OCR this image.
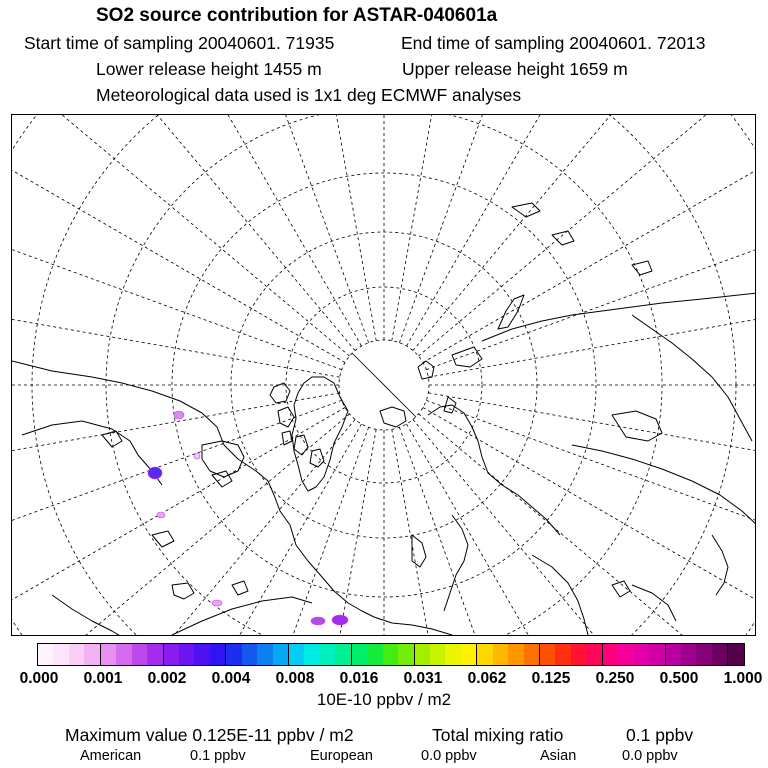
SO2 source contribution for ASTAR-040601a
Start time of sampling 20040601. 71935	End time of sampling 20040601. 72013
Lower release height 1455 m	Upper release height 1659 m
Meteorological data used is 1x1 deg ECMWF analyses
0.000 0.001 0.002 0.004 0.008 0.016 0.031 0.062 0.125 0.250 0.500 1.000
10E-10 ppbv / m2
Maximum value 0.125E-11 ppbv / m2	Total mixing ratio	0.1 ppbv
American	0.1 ppbv	European	0.0 ppbv	Asian	0.0 ppbv
